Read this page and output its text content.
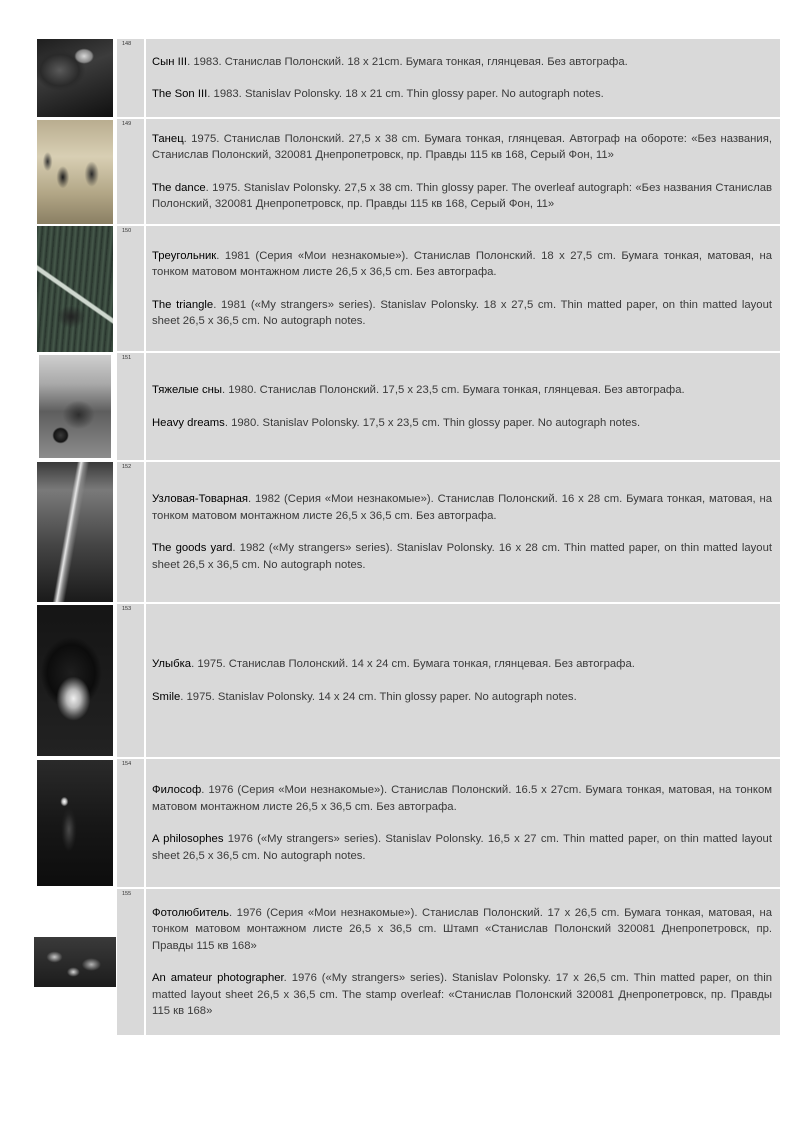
148

Сын III. 1983. Станислав Полонский. 18 x 21cm. Бумага тонкая, глянцевая. Без автографа.

The Son III. 1983. Stanislav Polonsky. 18 x 21 cm. Thin glossy paper. No autograph notes.

149

Танец. 1975. Станислав Полонский. 27,5 x 38 cm. Бумага тонкая, глянцевая. Автограф на обороте: «Без названия, Станислав Полонский, 320081 Днепропетровск, пр. Правды 115 кв 168, Серый Фон, 11»

The dance. 1975. Stanislav Polonsky. 27,5 x 38 cm. Thin glossy paper. The overleaf autograph: «Без названия Станислав Полонский, 320081 Днепропетровск, пр. Правды 115 кв 168, Серый Фон, 11»

150

Треугольник. 1981 (Серия «Мои незнакомые»). Станислав Полонский. 18 x 27,5 cm. Бумага тонкая, матовая, на тонком матовом монтажном листе 26,5 x 36,5 cm. Без автографа.

The triangle. 1981 («My strangers» series). Stanislav Polonsky. 18 x 27,5 cm. Thin matted paper, on thin matted layout sheet 26,5 x 36,5 cm. No autograph notes.

151

Тяжелые сны. 1980. Станислав Полонский. 17,5 x 23,5 cm. Бумага тонкая, глянцевая. Без автографа.

Heavy dreams. 1980. Stanislav Polonsky. 17,5 x 23,5 cm. Thin glossy paper. No autograph notes.

152

Узловая-Товарная. 1982 (Серия «Мои незнакомые»). Станислав Полонский. 16 x 28 cm. Бумага тонкая, матовая, на тонком матовом монтажном листе 26,5 x 36,5 cm. Без автографа.

The goods yard. 1982 («My strangers» series). Stanislav Polonsky. 16 x 28 cm. Thin matted paper, on thin matted layout sheet 26,5 x 36,5 cm. No autograph notes.

153

Улыбка. 1975. Станислав Полонский. 14 x 24 cm. Бумага тонкая, глянцевая. Без автографа.

Smile. 1975. Stanislav Polonsky. 14 x 24 cm. Thin glossy paper. No autograph notes.

154

Философ. 1976 (Серия «Мои незнакомые»). Станислав Полонский. 16.5 x 27cm. Бумага тонкая, матовая, на тонком матовом монтажном листе 26,5 x 36,5 cm. Без автографа.

A philosophes 1976 («My strangers» series). Stanislav Polonsky. 16,5 x 27 cm. Thin matted paper, on thin matted layout sheet 26,5 x 36,5 cm. No autograph notes.

155

Фотолюбитель. 1976 (Серия «Мои незнакомые»). Станислав Полонский. 17 x 26,5 cm. Бумага тонкая, матовая, на тонком матовом монтажном листе 26,5 x 36,5 cm. Штамп «Станислав Полонский 320081 Днепропетровск, пр. Правды 115 кв 168»

An amateur photographer. 1976 («My strangers» series). Stanislav Polonsky. 17 x 26,5 cm. Thin matted paper, on thin matted layout sheet 26,5 x 36,5 cm. The stamp overleaf: «Станислав Полонский 320081 Днепропетровск, пр. Правды 115 кв 168»
